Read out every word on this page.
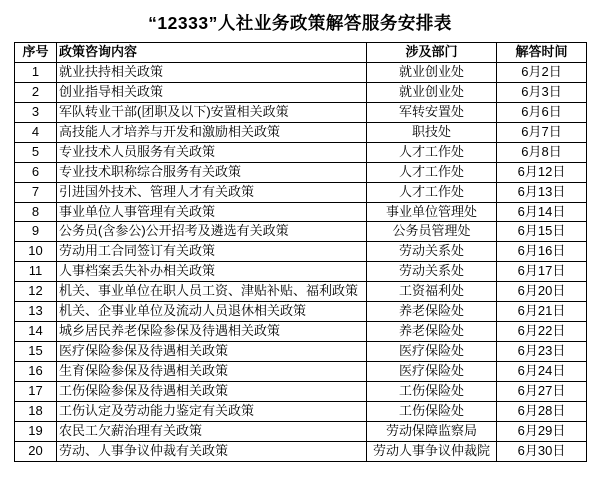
“12333”人社业务政策解答服务安排表
序号	政策咨询内容	涉及部门	解答时间
1	就业扶持相关政策	就业创业处	6月2日
2	创业指导相关政策	就业创业处	6月3日
3	军队转业干部(团职及以下)安置相关政策	军转安置处	6月6日
4	高技能人才培养与开发和激励相关政策	职技处	6月7日
5	专业技术人员服务有关政策	人才工作处	6月8日
6	专业技术职称综合服务有关政策	人才工作处	6月12日
7	引进国外技术、管理人才有关政策	人才工作处	6月13日
8	事业单位人事管理有关政策	事业单位管理处	6月14日
9	公务员(含参公)公开招考及遴选有关政策	公务员管理处	6月15日
10	劳动用工合同签订有关政策	劳动关系处	6月16日
11	人事档案丢失补办相关政策	劳动关系处	6月17日
12	机关、事业单位在职人员工资、津贴补贴、福利政策	工资福利处	6月20日
13	机关、企事业单位及流动人员退休相关政策	养老保险处	6月21日
14	城乡居民养老保险参保及待遇相关政策	养老保险处	6月22日
15	医疗保险参保及待遇相关政策	医疗保险处	6月23日
16	生育保险参保及待遇相关政策	医疗保险处	6月24日
17	工伤保险参保及待遇相关政策	工伤保险处	6月27日
18	工伤认定及劳动能力鉴定有关政策	工伤保险处	6月28日
19	农民工欠薪治理有关政策	劳动保障监察局	6月29日
20	劳动、人事争议仲裁有关政策	劳动人事争议仲裁院	6月30日
